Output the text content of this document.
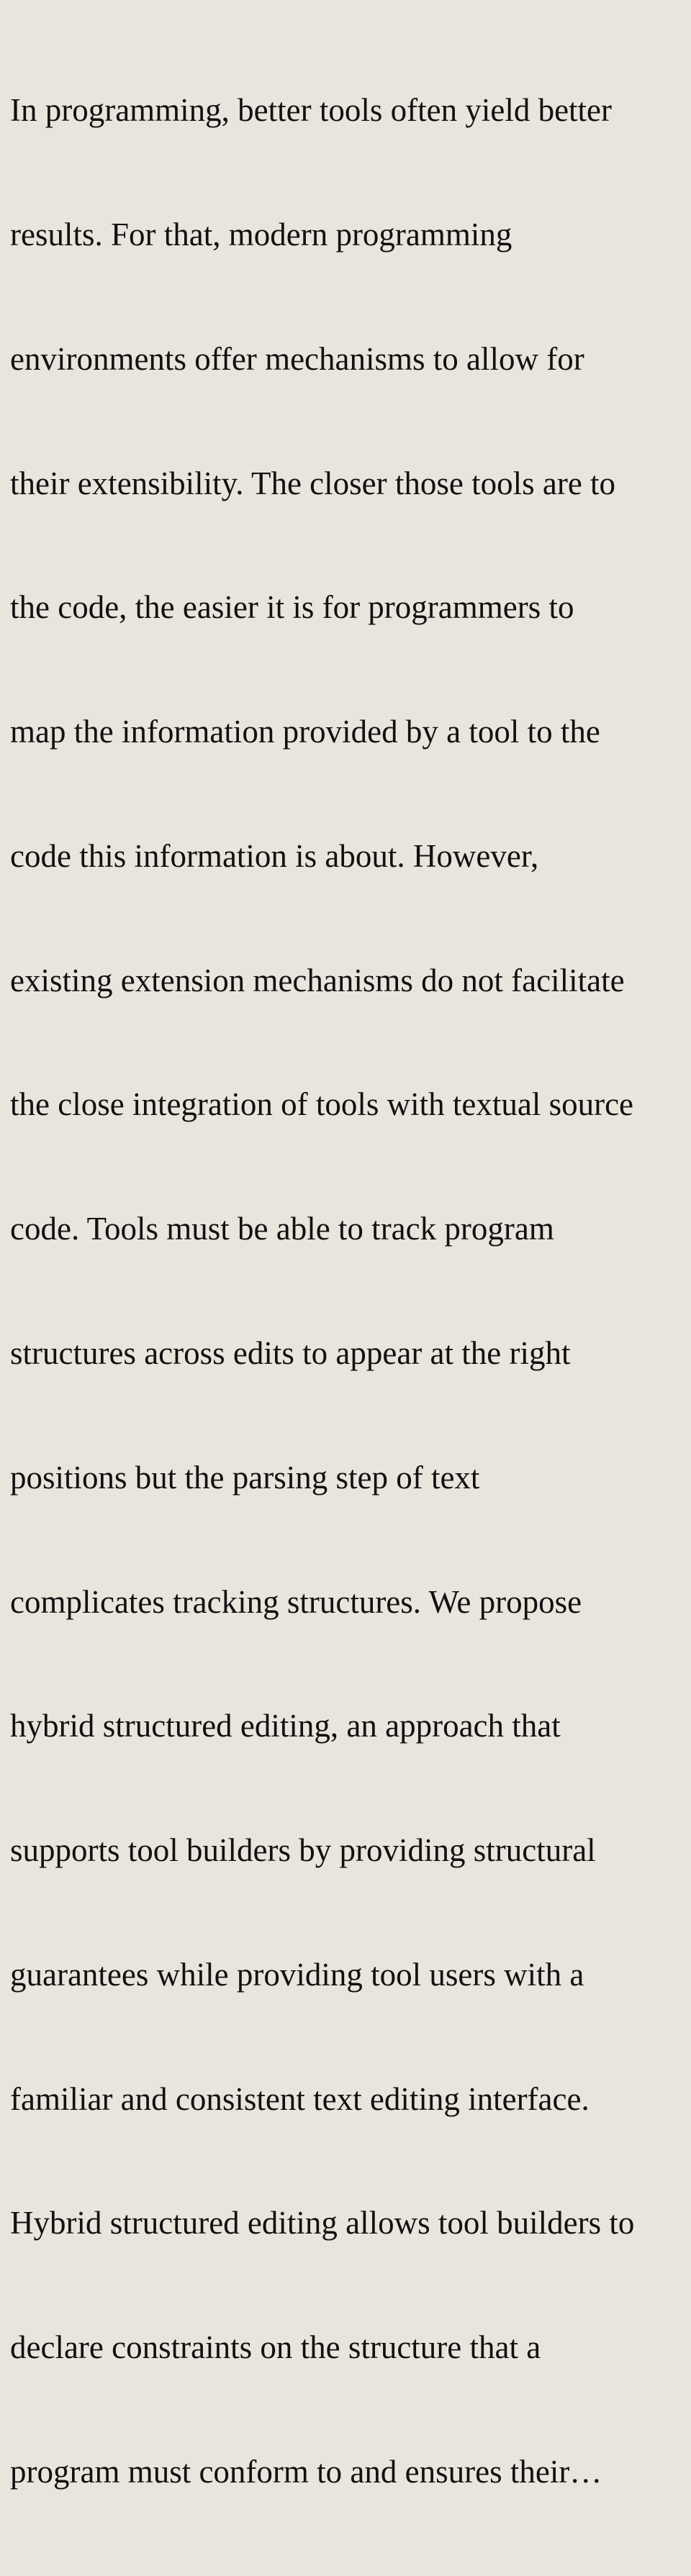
In programming, better tools often yield better

results. For that, modern programming

environments offer mechanisms to allow for

their extensibility. The closer those tools are to

the code, the easier it is for programmers to

map the information provided by a tool to the

code this information is about. However,

existing extension mechanisms do not facilitate

the close integration of tools with textual source

code. Tools must be able to track program

structures across edits to appear at the right

positions but the parsing step of text

complicates tracking structures. We propose

hybrid structured editing, an approach that

supports tool builders by providing structural

guarantees while providing tool users with a

familiar and consistent text editing interface.

Hybrid structured editing allows tool builders to

declare constraints on the structure that a

program must conform to and ensures their…
